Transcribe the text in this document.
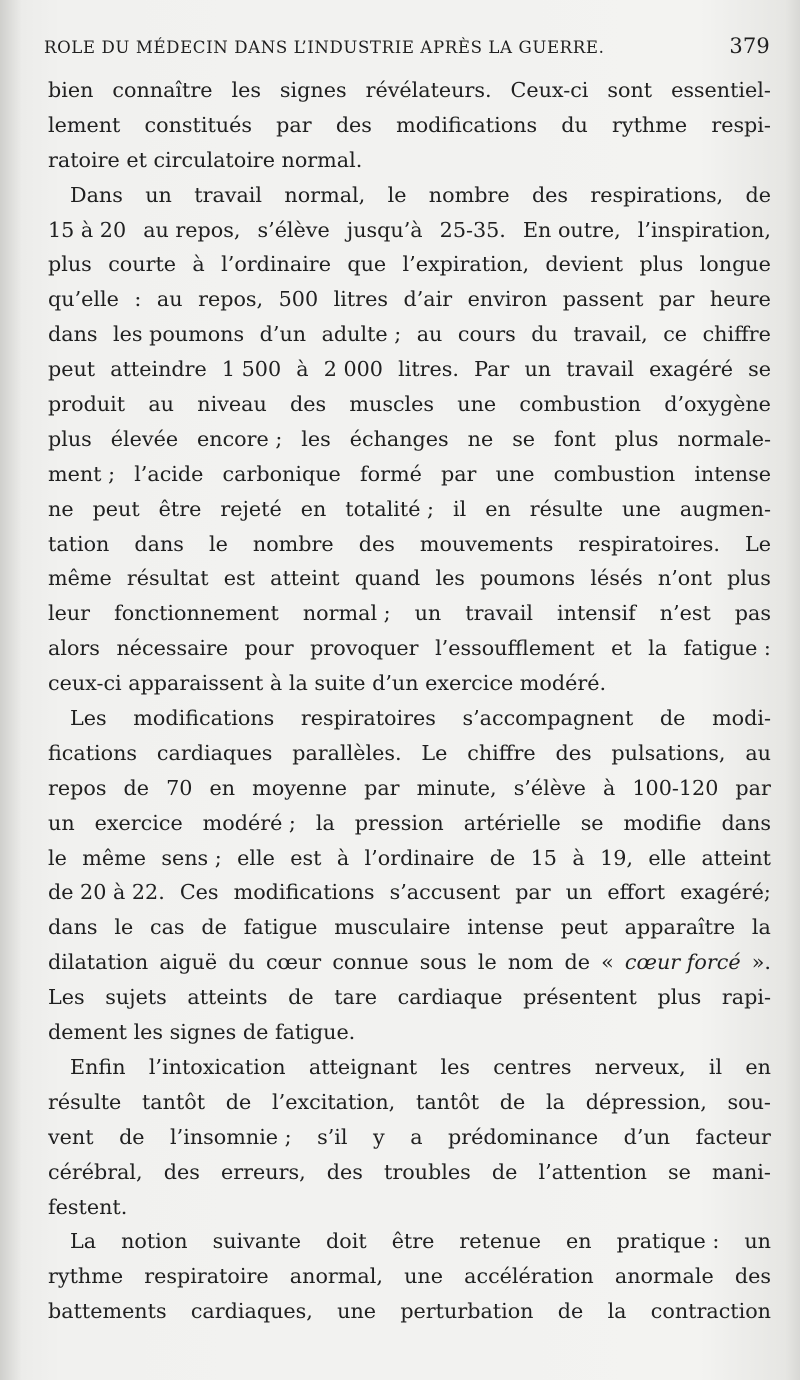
ROLE DU MÉDECIN DANS L’INDUSTRIE APRÈS LA GUERRE.	379
bien connaître les signes révélateurs. Ceux-ci sont essentiel-
lement constitués par des modifications du rythme respi-
ratoire
et
circulatoire
normal.
Dans un travail normal, le nombre des respirations, de
15 à 20 au repos, s’élève jusqu’à 25-35. En outre, l’inspiration,
plus courte à l’ordinaire que l’expiration, devient plus longue
qu’elle : au repos, 500 litres d’air environ passent par heure
dans les poumons d’un adulte ; au cours du travail, ce chiffre
peut atteindre 1 500 à 2 000 litres. Par un travail exagéré se
produit au niveau des muscles une combustion d’oxygène
plus élevée encore ; les échanges ne se font plus normale-
ment ; l’acide carbonique formé par une combustion intense
ne peut être rejeté en totalité ; il en résulte une augmen-
tation dans le nombre des mouvements respiratoires. Le
même résultat est atteint quand les poumons lésés n’ont plus
leur fonctionnement normal ; un travail intensif n’est pas
alors nécessaire pour provoquer l’essoufflement et la fatigue :
ceux-ci
apparaissent
à
la
suite
d’un
exercice
modéré.
Les modifications respiratoires s’accompagnent de modi-
fications cardiaques parallèles. Le chiffre des pulsations, au
repos de 70 en moyenne par minute, s’élève à 100-120 par
un exercice modéré ; la pression artérielle se modifie dans
le même sens ; elle est à l’ordinaire de 15 à 19, elle atteint
de 20 à 22. Ces modifications s’accusent par un effort exagéré;
dans le cas de fatigue musculaire intense peut apparaître la
dilatation aiguë du cœur connue sous le nom de « cœur forcé ».
Les sujets atteints de tare cardiaque présentent plus rapi-
dement
les
signes
de
fatigue.
Enfin l’intoxication atteignant les centres nerveux, il en
résulte tantôt de l’excitation, tantôt de la dépression, sou-
vent de l’insomnie ; s’il y a prédominance d’un facteur
cérébral, des erreurs, des troubles de l’attention se mani-
festent.
La notion suivante doit être retenue en pratique : un
rythme respiratoire anormal, une accélération anormale des
battements cardiaques, une perturbation de la contraction
